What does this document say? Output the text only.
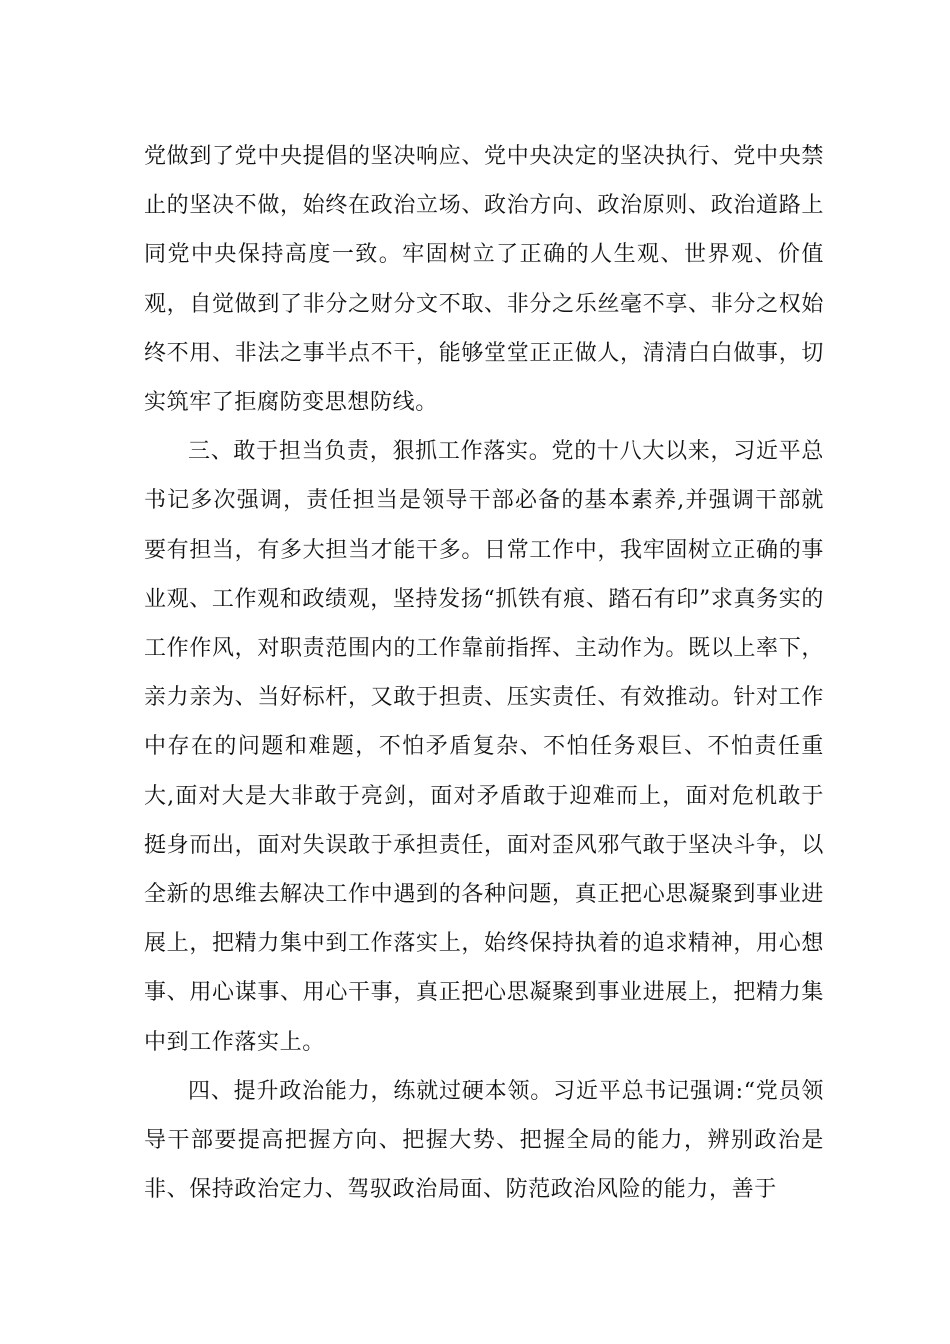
党做到了党中央提倡的坚决响应、党中央决定的坚决执行、党中央禁止的坚决不做，始终在政治立场、政治方向、政治原则、政治道路上同党中央保持高度一致。牢固树立了正确的人生观、世界观、价值观，自觉做到了非分之财分文不取、非分之乐丝毫不享、非分之权始终不用、非法之事半点不干，能够堂堂正正做人，清清白白做事，切实筑牢了拒腐防变思想防线。

三、敢于担当负责，狠抓工作落实。党的十八大以来，习近平总书记多次强调，责任担当是领导干部必备的基本素养,并强调干部就要有担当，有多大担当才能干多。日常工作中，我牢固树立正确的事业观、工作观和政绩观，坚持发扬“抓铁有痕、踏石有印”求真务实的工作作风，对职责范围内的工作靠前指挥、主动作为。既以上率下，亲力亲为、当好标杆，又敢于担责、压实责任、有效推动。针对工作中存在的问题和难题，不怕矛盾复杂、不怕任务艰巨、不怕责任重大,面对大是大非敢于亮剑，面对矛盾敢于迎难而上，面对危机敢于挺身而出，面对失误敢于承担责任，面对歪风邪气敢于坚决斗争，以全新的思维去解决工作中遇到的各种问题，真正把心思凝聚到事业进展上，把精力集中到工作落实上，始终保持执着的追求精神，用心想事、用心谋事、用心干事，真正把心思凝聚到事业进展上，把精力集中到工作落实上。

四、提升政治能力，练就过硬本领。习近平总书记强调:“党员领导干部要提高把握方向、把握大势、把握全局的能力，辨别政治是非、保持政治定力、驾驭政治局面、防范政治风险的能力，善于
